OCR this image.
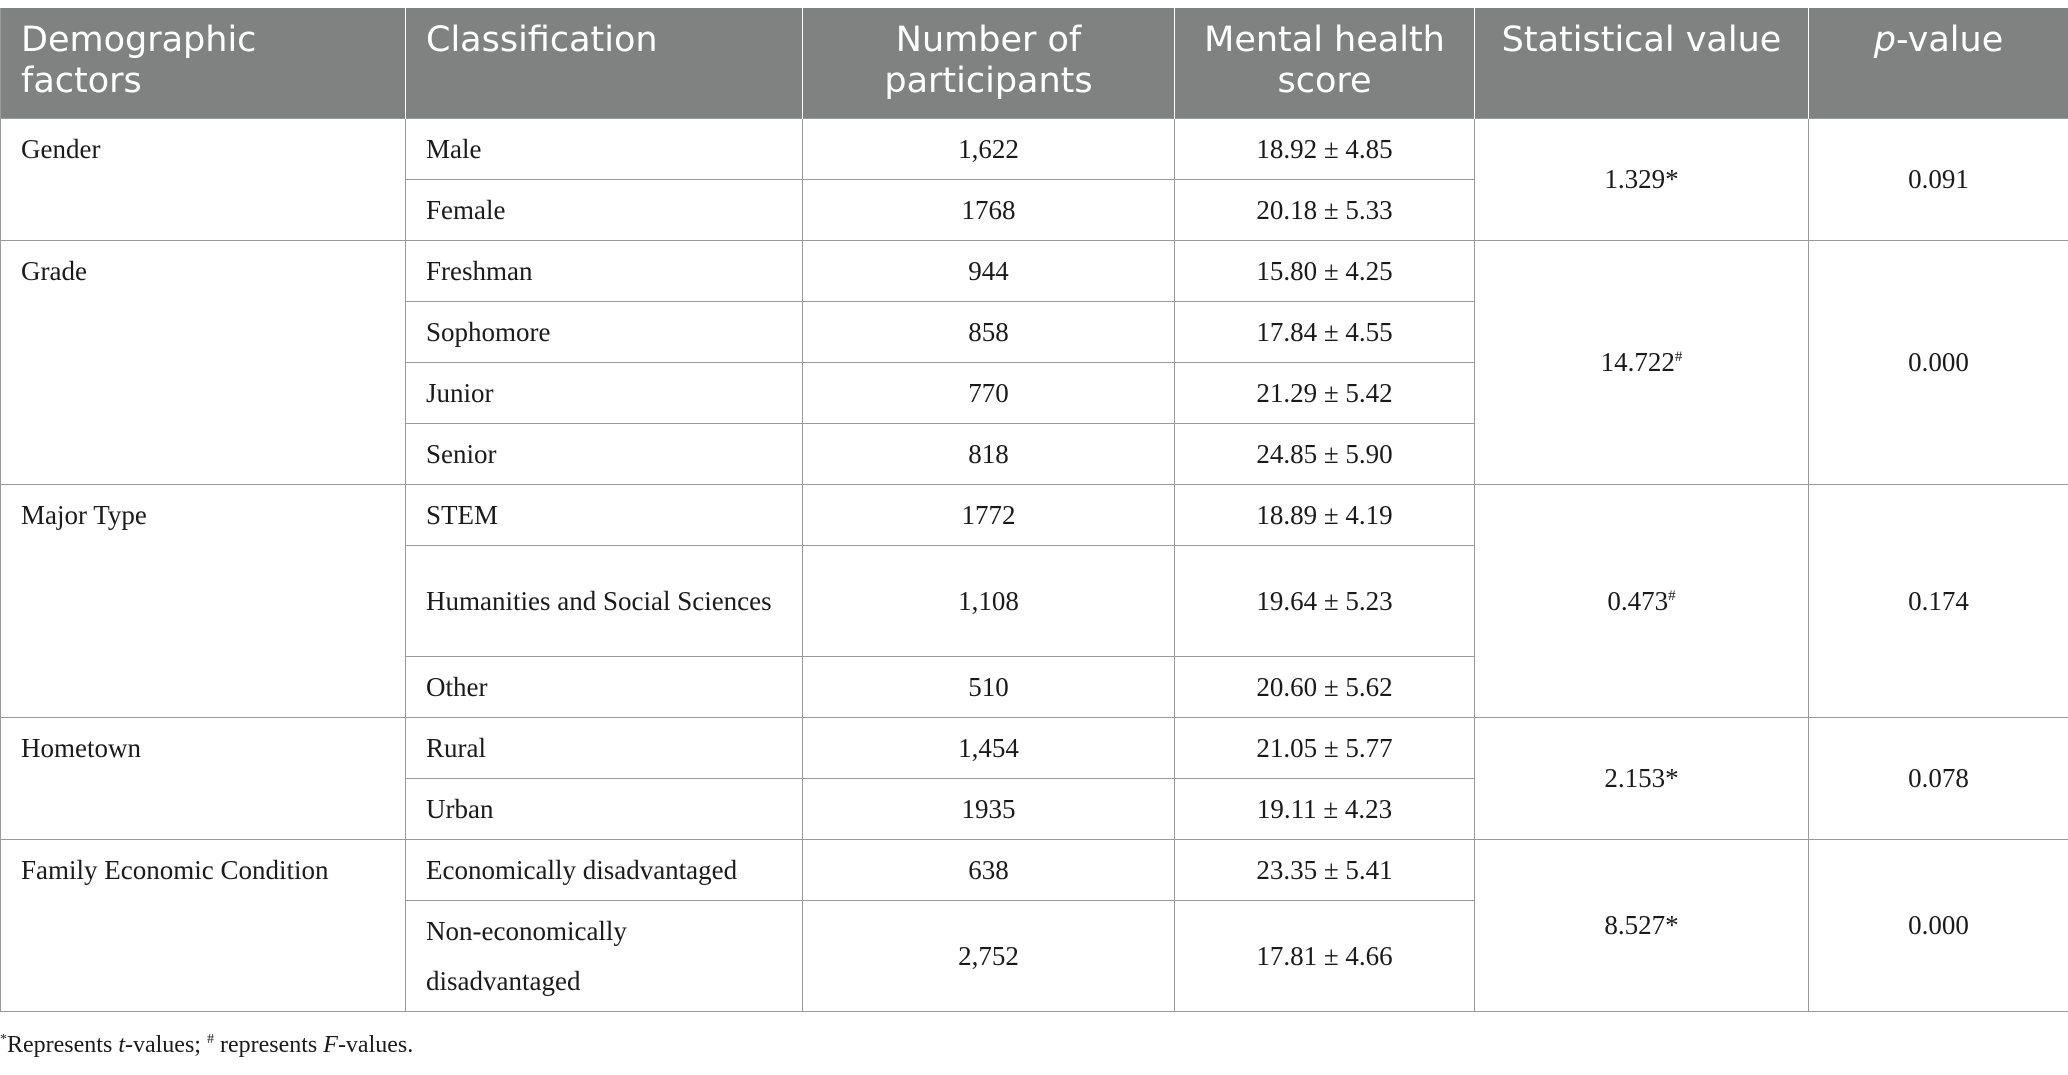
Demographic factors	Classification	Number of participants	Mental health score	Statistical value	p-value
Gender	Male	1,622	18.92 ± 4.85	1.329*	0.091
	Female	1768	20.18 ± 5.33		
Grade	Freshman	944	15.80 ± 4.25	14.722#	0.000
	Sophomore	858	17.84 ± 4.55		
	Junior	770	21.29 ± 5.42		
	Senior	818	24.85 ± 5.90		
Major Type	STEM	1772	18.89 ± 4.19	0.473#	0.174
	Humanities and Social Sciences	1,108	19.64 ± 5.23		
	Other	510	20.60 ± 5.62		
Hometown	Rural	1,454	21.05 ± 5.77	2.153*	0.078
	Urban	1935	19.11 ± 4.23		
Family Economic Condition	Economically disadvantaged	638	23.35 ± 5.41	8.527*	0.000
	Non-economically disadvantaged	2,752	17.81 ± 4.66		
*Represents t-values; # represents F-values.
